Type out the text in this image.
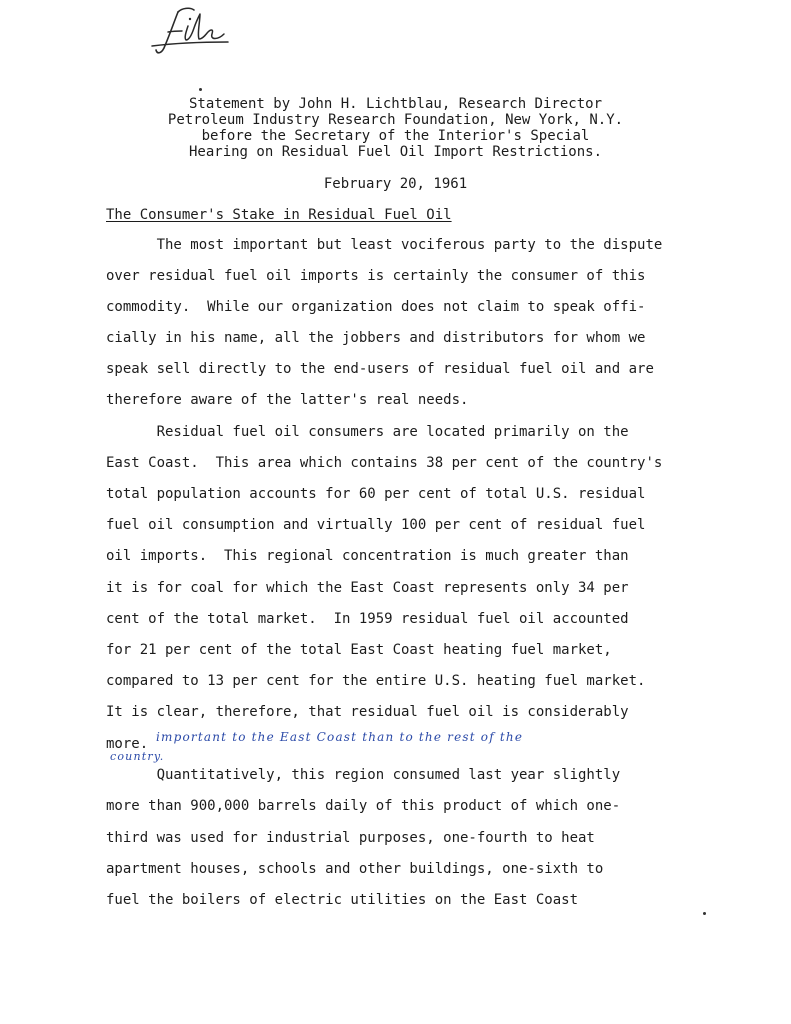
Statement by John H. Lichtblau, Research Director
Petroleum Industry Research Foundation, New York, N.Y.
before the Secretary of the Interior's Special
Hearing on Residual Fuel Oil Import Restrictions.
February 20, 1961
The Consumer's Stake in Residual Fuel Oil
The most important but least vociferous party to the dispute
over residual fuel oil imports is certainly the consumer of this
commodity.  While our organization does not claim to speak offi-
cially in his name, all the jobbers and distributors for whom we
speak sell directly to the end-users of residual fuel oil and are
therefore aware of the latter's real needs.
Residual fuel oil consumers are located primarily on the
East Coast.  This area which contains 38 per cent of the country's
total population accounts for 60 per cent of total U.S. residual
fuel oil consumption and virtually 100 per cent of residual fuel
oil imports.  This regional concentration is much greater than
it is for coal for which the East Coast represents only 34 per
cent of the total market.  In 1959 residual fuel oil accounted
for 21 per cent of the total East Coast heating fuel market,
compared to 13 per cent for the entire U.S. heating fuel market.
It is clear, therefore, that residual fuel oil is considerably
more. important to the East Coast than to the rest of the
country.
Quantitatively, this region consumed last year slightly
more than 900,000 barrels daily of this product of which one-
third was used for industrial purposes, one-fourth to heat
apartment houses, schools and other buildings, one-sixth to
fuel the boilers of electric utilities on the East Coast
